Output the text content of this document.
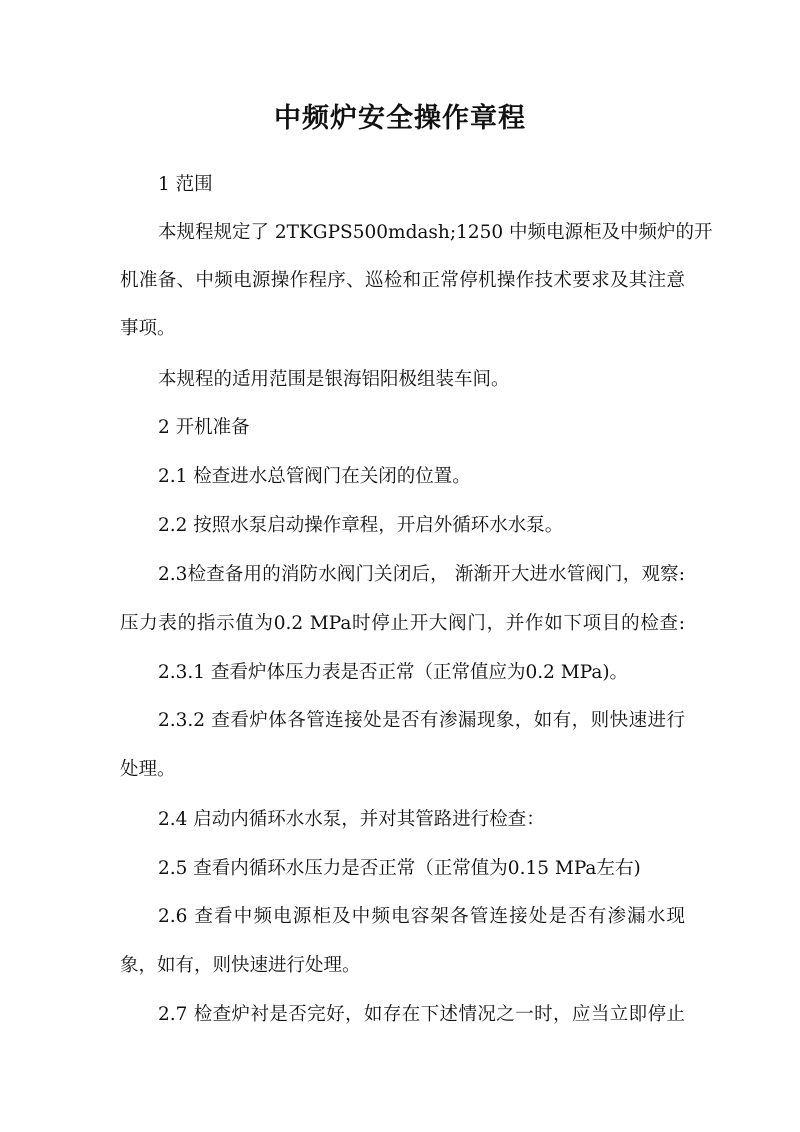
中频炉安全操作章程

1 范围

本规程规定了 2TKGPS500mdash;1250 中频电源柜及中频炉的开

机准备、中频电源操作程序、巡检和正常停机操作技术要求及其注意

事项。

本规程的适用范围是银海铝阳极组装车间。

2 开机准备

2.1 检查进水总管阀门在关闭的位置。

2.2 按照水泵启动操作章程，开启外循环水水泵。

2.3检查备用的消防水阀门关闭后， 渐渐开大进水管阀门，观察:

压力表的指示值为0.2 MPa时停止开大阀门，并作如下项目的检查:

2.3.1 查看炉体压力表是否正常（正常值应为0.2 MPa)。

2.3.2 查看炉体各管连接处是否有渗漏现象，如有，则快速进行

处理。

2.4 启动内循环水水泵，并对其管路进行检查：

2.5 查看内循环水压力是否正常（正常值为0.15 MPa左右)

2.6 查看中频电源柜及中频电容架各管连接处是否有渗漏水现

象，如有，则快速进行处理。

2.7 检查炉衬是否完好，如存在下述情况之一时，应当立即停止
